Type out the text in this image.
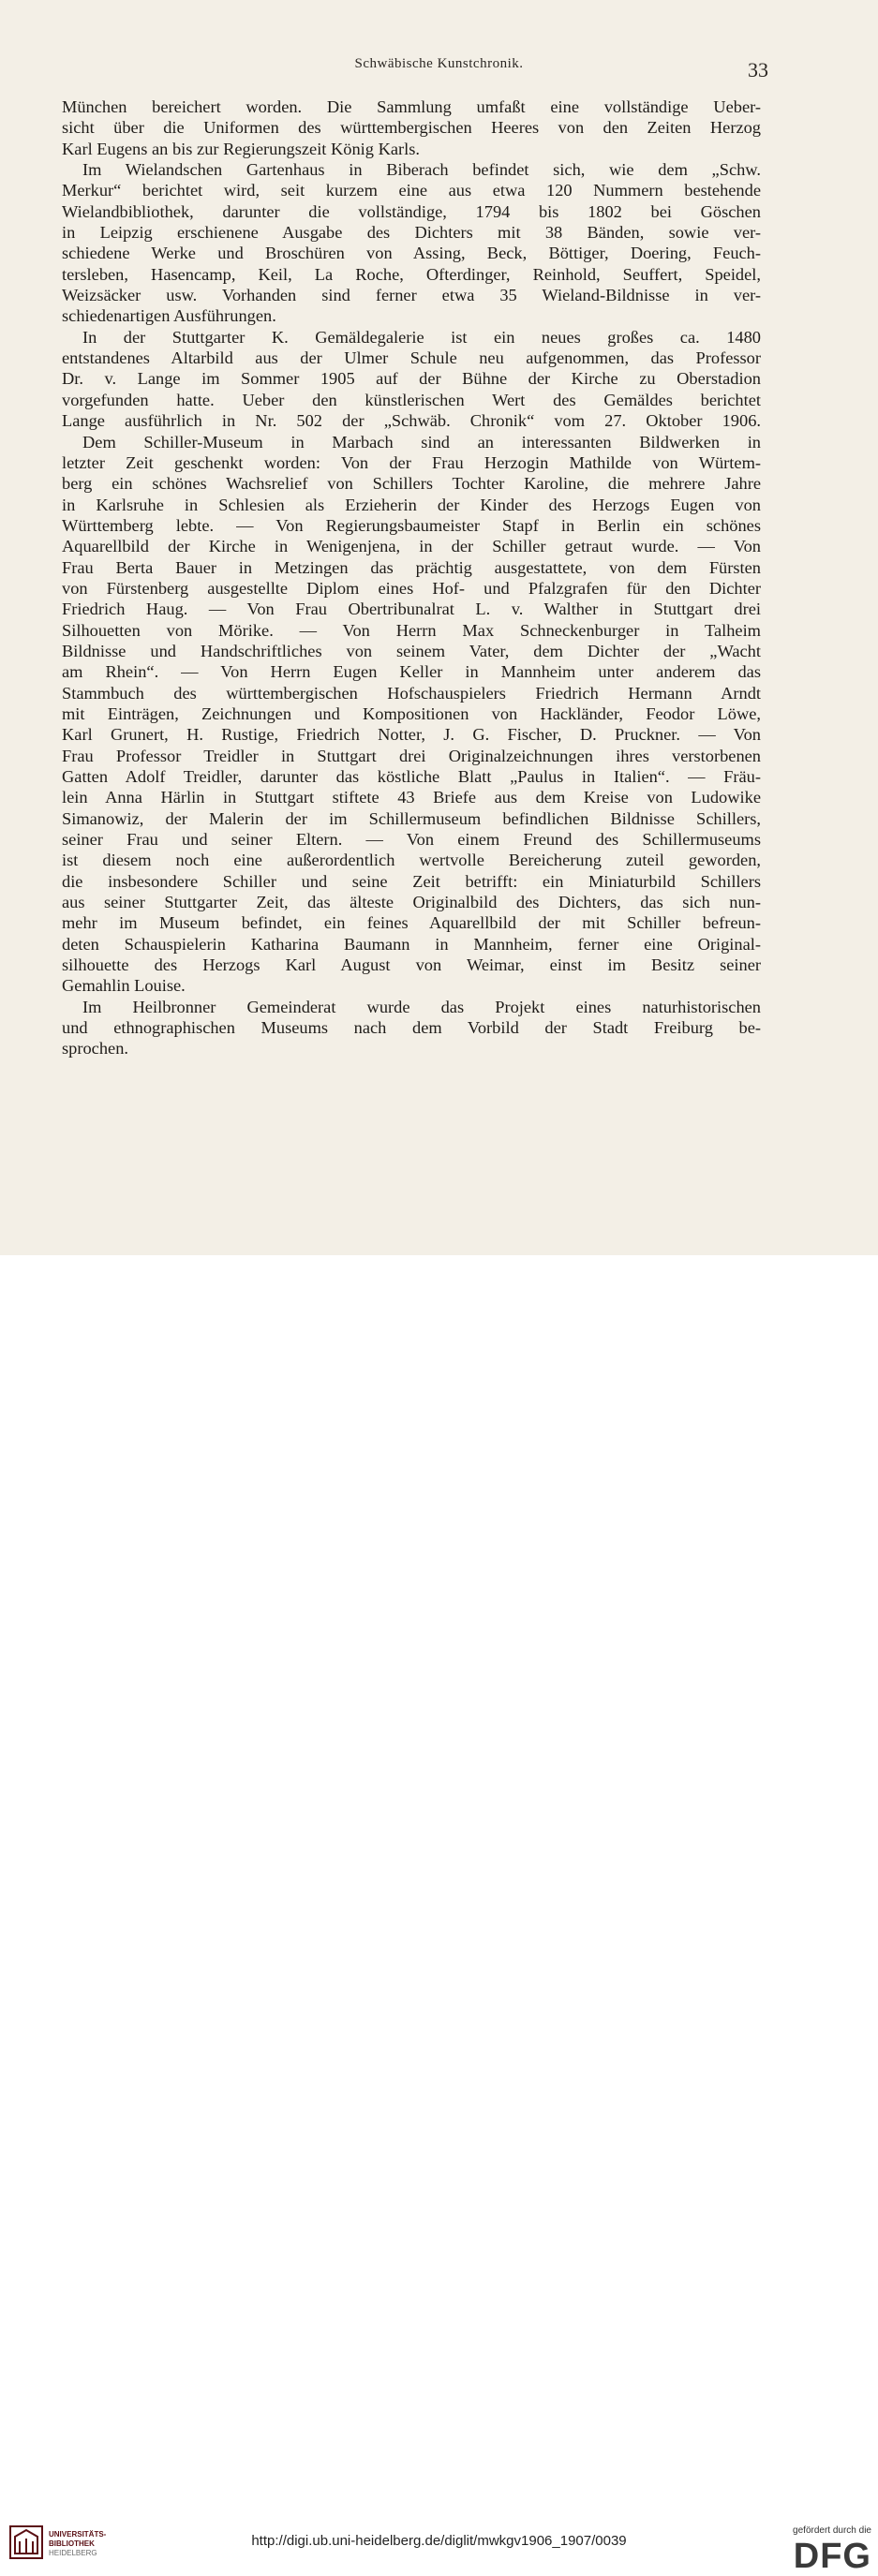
Schwäbische Kunstchronik.	33
München bereichert worden. Die Sammlung umfaßt eine vollständige Ueber-
sicht über die Uniformen des württembergischen Heeres von den Zeiten Herzog
Karl Eugens an bis zur Regierungszeit König Karls.
Im Wielandschen Gartenhaus in Biberach befindet sich, wie dem „Schw.
Merkur“ berichtet wird, seit kurzem eine aus etwa 120 Nummern bestehende
Wielandbibliothek, darunter die vollständige, 1794 bis 1802 bei Göschen
in Leipzig erschienene Ausgabe des Dichters mit 38 Bänden, sowie ver-
schiedene Werke und Broschüren von Assing, Beck, Böttiger, Doering, Feuch-
tersleben, Hasencamp, Keil, La Roche, Ofterdinger, Reinhold, Seuffert, Speidel,
Weizsäcker usw. Vorhanden sind ferner etwa 35 Wieland-Bildnisse in ver-
schiedenartigen Ausführungen.
In der Stuttgarter K. Gemäldegalerie ist ein neues großes ca. 1480
entstandenes Altarbild aus der Ulmer Schule neu aufgenommen, das Professor
Dr. v. Lange im Sommer 1905 auf der Bühne der Kirche zu Oberstadion
vorgefunden hatte. Ueber den künstlerischen Wert des Gemäldes berichtet
Lange ausführlich in Nr. 502 der „Schwäb. Chronik“ vom 27. Oktober 1906.
Dem Schiller-Museum in Marbach sind an interessanten Bildwerken in
letzter Zeit geschenkt worden: Von der Frau Herzogin Mathilde von Würtem-
berg ein schönes Wachsrelief von Schillers Tochter Karoline, die mehrere Jahre
in Karlsruhe in Schlesien als Erzieherin der Kinder des Herzogs Eugen von
Württemberg lebte. — Von Regierungsbaumeister Stapf in Berlin ein schönes
Aquarellbild der Kirche in Wenigenjena, in der Schiller getraut wurde. — Von
Frau Berta Bauer in Metzingen das prächtig ausgestattete, von dem Fürsten
von Fürstenberg ausgestellte Diplom eines Hof- und Pfalzgrafen für den Dichter
Friedrich Haug. — Von Frau Obertribunalrat L. v. Walther in Stuttgart drei
Silhouetten von Mörike. — Von Herrn Max Schneckenburger in Talheim
Bildnisse und Handschriftliches von seinem Vater, dem Dichter der „Wacht
am Rhein“. — Von Herrn Eugen Keller in Mannheim unter anderem das
Stammbuch des württembergischen Hofschauspielers Friedrich Hermann Arndt
mit Einträgen, Zeichnungen und Kompositionen von Hackländer, Feodor Löwe,
Karl Grunert, H. Rustige, Friedrich Notter, J. G. Fischer, D. Pruckner. — Von
Frau Professor Treidler in Stuttgart drei Originalzeichnungen ihres verstorbenen
Gatten Adolf Treidler, darunter das köstliche Blatt „Paulus in Italien“. — Fräu-
lein Anna Härlin in Stuttgart stiftete 43 Briefe aus dem Kreise von Ludowike
Simanowiz, der Malerin der im Schillermuseum befindlichen Bildnisse Schillers,
seiner Frau und seiner Eltern. — Von einem Freund des Schillermuseums
ist diesem noch eine außerordentlich wertvolle Bereicherung zuteil geworden,
die insbesondere Schiller und seine Zeit betrifft: ein Miniaturbild Schillers
aus seiner Stuttgarter Zeit, das älteste Originalbild des Dichters, das sich nun-
mehr im Museum befindet, ein feines Aquarellbild der mit Schiller befreun-
deten Schauspielerin Katharina Baumann in Mannheim, ferner eine Original-
silhouette des Herzogs Karl August von Weimar, einst im Besitz seiner
Gemahlin Louise.
Im Heilbronner Gemeinderat wurde das Projekt eines naturhistorischen
und ethnographischen Museums nach dem Vorbild der Stadt Freiburg be-
sprochen.
UNIVERSITÄTS-
BIBLIOTHEK
HEIDELBERG
http://digi.ub.uni-heidelberg.de/diglit/mwkgv1906_1907/0039
gefördert durch die
DFG
